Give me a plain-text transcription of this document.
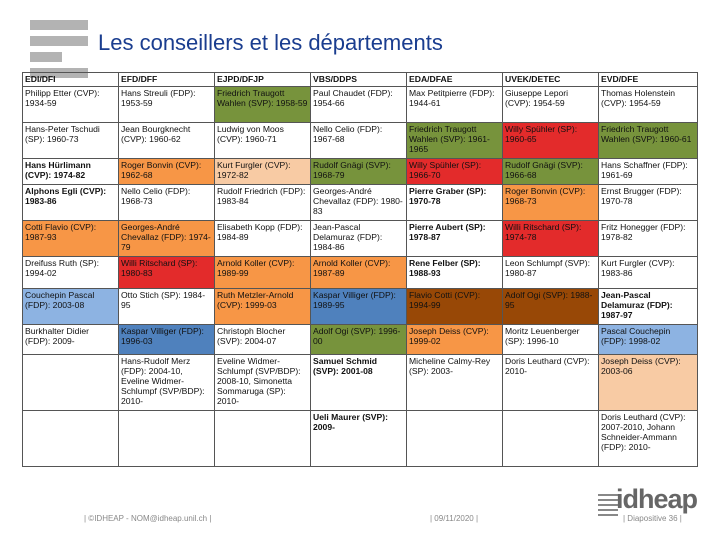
Les conseillers et les départements
EDI/DFI	EFD/DFF	EJPD/DFJP	VBS/DDPS	EDA/DFAE	UVEK/DETEC	EVD/DFE
Philipp Etter (CVP): 1934-59	Hans Streuli (FDP): 1953-59	Friedrich Traugott Wahlen (SVP): 1958-59	Paul Chaudet (FDP): 1954-66	Max Petitpierre (FDP): 1944-61	Giuseppe Lepori (CVP): 1954-59	Thomas Holenstein (CVP): 1954-59
Hans-Peter Tschudi (SP): 1960-73	Jean Bourgknecht (CVP): 1960-62	Ludwig von Moos (CVP): 1960-71	Nello Celio (FDP): 1967-68	Friedrich Traugott Wahlen (SVP): 1961-1965	Willy Spühler (SP): 1960-65	Friedrich Traugott Wahlen (SVP): 1960-61
Hans Hürlimann (CVP): 1974-82	Roger Bonvin (CVP): 1962-68	Kurt Furgler (CVP): 1972-82	Rudolf Gnägi (SVP): 1968-79	Willy Spühler (SP): 1966-70	Rudolf Gnägi (SVP): 1966-68	Hans Schaffner (FDP): 1961-69
Alphons Egli (CVP): 1983-86	Nello Celio (FDP): 1968-73	Rudolf Friedrich (FDP): 1983-84	Georges-André Chevallaz (FDP): 1980-83	Pierre Graber (SP): 1970-78	Roger Bonvin (CVP): 1968-73	Ernst Brugger (FDP): 1970-78
Cotti Flavio (CVP): 1987-93	Georges-André Chevallaz (FDP): 1974-79	Elisabeth Kopp (FDP): 1984-89	Jean-Pascal Delamuraz (FDP): 1984-86	Pierre Aubert (SP): 1978-87	Willi Ritschard (SP): 1974-78	Fritz Honegger (FDP): 1978-82
Dreifuss Ruth (SP): 1994-02	Willi Ritschard (SP): 1980-83	Arnold Koller (CVP): 1989-99	Arnold Koller (CVP): 1987-89	Rene Felber (SP): 1988-93	Leon Schlumpf (SVP): 1980-87	Kurt Furgler (CVP): 1983-86
Couchepin Pascal (FDP): 2003-08	Otto Stich (SP): 1984-95	Ruth Metzler-Arnold (CVP): 1999-03	Kaspar Villiger (FDP): 1989-95	Flavio Cotti (CVP): 1994-99	Adolf Ogi (SVP): 1988-95	Jean-Pascal Delamuraz (FDP): 1987-97
Burkhalter Didier (FDP): 2009-	Kaspar Villiger (FDP): 1996-03	Christoph Blocher (SVP): 2004-07	Adolf Ogi (SVP): 1996-00	Joseph Deiss (CVP): 1999-02	Moritz Leuenberger (SP): 1996-10	Pascal Couchepin (FDP): 1998-02
	Hans-Rudolf Merz (FDP): 2004-10, Eveline Widmer-Schlumpf (SVP/BDP): 2010-	Eveline Widmer-Schlumpf (SVP/BDP): 2008-10, Simonetta Sommaruga (SP): 2010-	Samuel Schmid (SVP): 2001-08	Micheline Calmy-Rey (SP): 2003-	Doris Leuthard (CVP): 2010-	Joseph Deiss (CVP): 2003-06
			Ueli Maurer (SVP): 2009-			Doris Leuthard (CVP): 2007-2010, Johann Schneider-Ammann (FDP): 2010-
| ©IDHEAP - NOM@idheap.unil.ch |	| 09/11/2020 |	| Diapositive 36 |
idheap
